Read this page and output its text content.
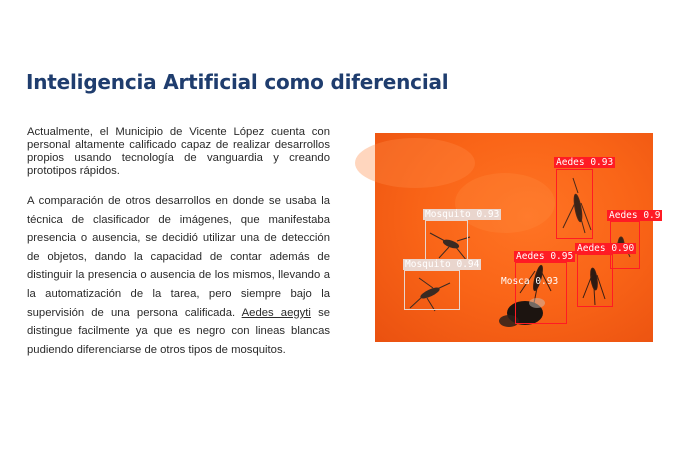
Inteligencia Artificial como diferencial

Actualmente, el Municipio de Vicente López cuenta con personal altamente calificado capaz de realizar desarrollos propios usando tecnología de vanguardia y creando prototipos rápidos.

A comparación de otros desarrollos en donde se usaba la técnica de clasificador de imágenes, que manifestaba presencia o ausencia, se decidió utilizar una de detección de objetos, dando la capacidad de contar además de distinguir la presencia o ausencia de los mismos, llevando a la automatización de la tarea, pero siempre bajo la supervisión de una persona calificada. Aedes aegyti se distingue facilmente ya que es negro con lineas blancas pudiendo diferenciarse de otros tipos de mosquitos.

Aedes 0.93
Aedes 0.9
Mosquito 0.93
Aedes 0.95
Aedes 0.90
Mosquito 0.94
Mosca 0.93
